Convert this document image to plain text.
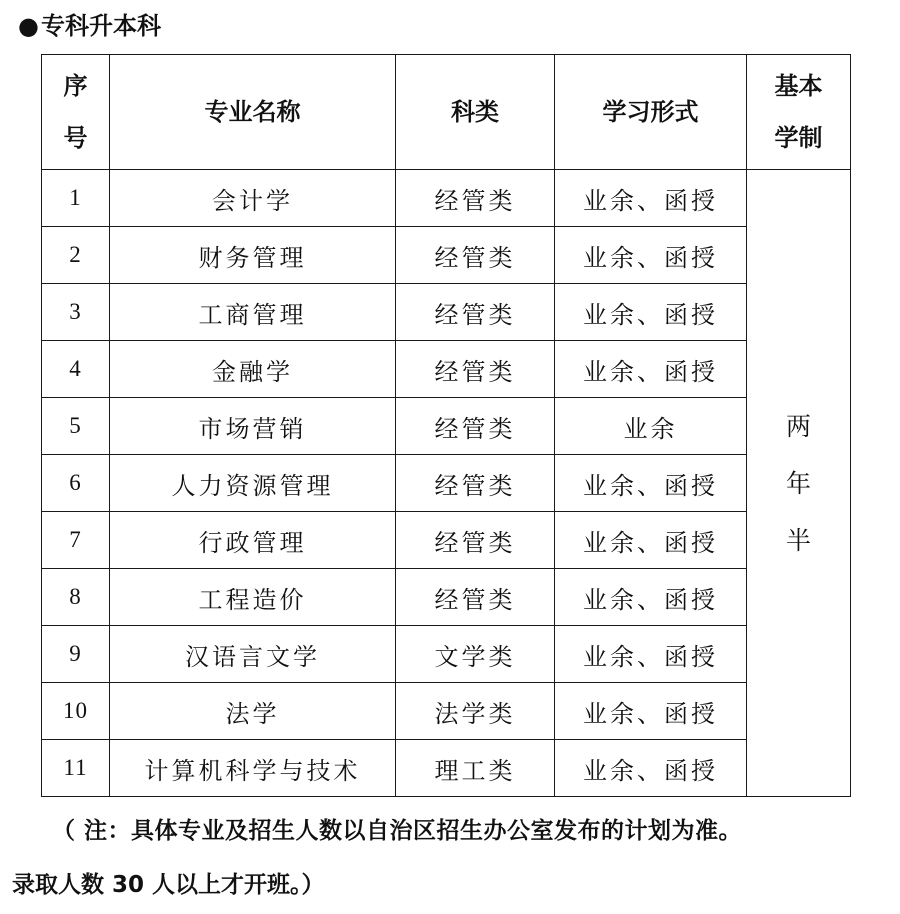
●专科升本科
序号	专业名称	科类	学习形式	基本学制
1	会计学	经管类	业余、函授	两年半
2	财务管理	经管类	业余、函授	
3	工商管理	经管类	业余、函授	
4	金融学	经管类	业余、函授	
5	市场营销	经管类	业余	
6	人力资源管理	经管类	业余、函授	
7	行政管理	经管类	业余、函授	
8	工程造价	经管类	业余、函授	
9	汉语言文学	文学类	业余、函授	
10	法学	法学类	业余、函授	
11	计算机科学与技术	理工类	业余、函授	
（ 注：具体专业及招生人数以自治区招生办公室发布的计划为准。
录取人数 30 人以上才开班。）
